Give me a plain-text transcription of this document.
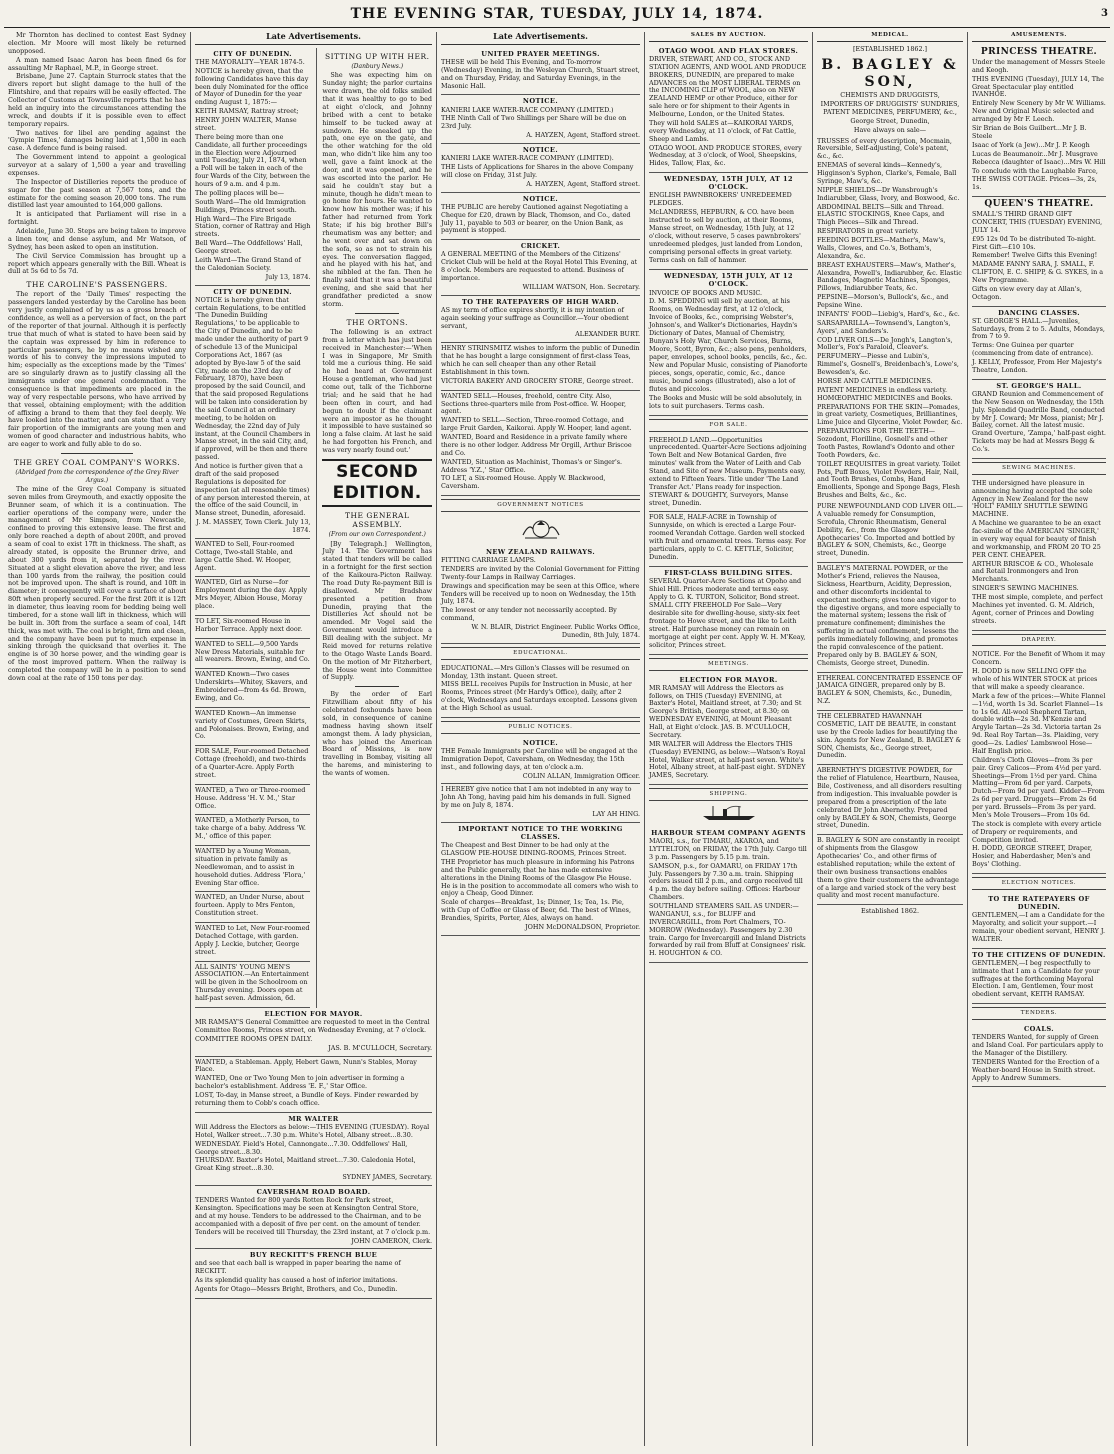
THE EVENING STAR, TUESDAY, JULY 14, 1874.	3

Mr Thornton has declined to contest East Sydney election. Mr Moore will most likely be returned unopposed.

A man named Isaac Aaron has been fined 6s for assaulting Mr Raphael, M.P., in George street.

Brisbane, June 27. Captain Sturrock states that the divers report but slight damage to the hull of the Flintshire, and that repairs will be easily effected. The Collector of Customs at Townsville reports that he has held an inquiry into the circumstances attending the wreck, and doubts if it is possible even to effect temporary repairs.

Two natives for libel are pending against the 'Gympie Times,' damages being laid at 1,500 in each case. A defence fund is being raised.

The Government intend to appoint a geological surveyor at a salary of 1,500 a year and travelling expenses.

The Inspector of Distilleries reports the produce of sugar for the past season at 7,567 tons, and the estimate for the coming season 20,000 tons. The rum distilled last year amounted to 164,000 gallons.

It is anticipated that Parliament will rise in a fortnight.

Adelaide, June 30. Steps are being taken to improve a linen tow, and dense asylum, and Mr Watson, of Sydney, has been asked to open an institution.

The Civil Service Commission has brought up a report which appears generally with the Bill. Wheat is dull at 5s 6d to 5s 7d.

THE CAROLINE'S PASSENGERS.

The report of the 'Daily Times' respecting the passengers landed yesterday by the Caroline has been very justly complained of by us as a gross breach of confidence, as well as a perversion of fact, on the part of the reporter of that journal. Although it is perfectly true that much of what is stated to have been said by the captain was expressed by him in reference to particular passengers, he by no means wished any words of his to convey the impressions imputed to him; especially as the exceptions made by the 'Times' are so singularly drawn as to justify classing all the immigrants under one general condemnation. The consequence is that impediments are placed in the way of very respectable persons, who have arrived by that vessel, obtaining employment; with the addition of affixing a brand to them that they feel deeply. We have looked into the matter, and can state that a very fair proportion of the immigrants are young men and women of good character and industrious habits, who are eager to work and fully able to do so.

THE GREY COAL COMPANY'S WORKS.
(Abridged from the correspondence of the Grey River Argus.)

The mine of the Grey Coal Company is situated seven miles from Greymouth, and exactly opposite the Brunner seam, of which it is a continuation. The earlier operations of the company were, under the management of Mr Simpson, from Newcastle, confined to proving this extensive lease. The first and only bore reached a depth of about 200ft, and proved a seam of coal to exist 17ft in thickness. The shaft, as already stated, is opposite the Brunner drive, and about 300 yards from it, separated by the river. Situated at a slight elevation above the river, and less than 100 yards from the railway, the position could not be improved upon. The shaft is round, and 10ft in diameter; it consequently will cover a surface of about 80ft when properly secured. For the first 20ft it is 12ft in diameter, thus leaving room for bedding being well timbered, for a stone wall lift in thickness, which will be built in. 30ft from the surface a seam of coal, 14ft thick, was met with. The coal is bright, firm and clean, and the company have been put to much expense in sinking through the quicksand that overlies it. The engine is of 30 horse power, and the winding gear is of the most improved pattern. When the railway is completed the company will be in a position to send down coal at the rate of 150 tons per day.

Late Advertisements.
CITY OF DUNEDIN.
THE MAYORALTY—YEAR 1874-5.
NOTICE is hereby given, that the following Candidates have this day been duly Nominated for the office of Mayor of Dunedin for the year ending August 1, 1875:—
KEITH RAMSAY, Rattray street;
HENRY JOHN WALTER, Manse street.
There being more than one Candidate, all further proceedings in the Election were Adjourned until Tuesday, July 21, 1874, when a Poll will be taken in each of the four Wards of the City, between the hours of 9 a.m. and 4 p.m.
The polling places will be—
South Ward—The old Immigration Buildings, Princes street south.
High Ward—The Fire Brigade Station, corner of Rattray and High streets.
Bell Ward—The Oddfellows' Hall, George street.
Leith Ward—The Grand Stand of the Caledonian Society.
July 13, 1874.
CITY OF DUNEDIN.
NOTICE is hereby given that certain Regulations, to be entitled 'The Dunedin Building Regulations,' to be applicable to the City of Dunedin, and to be made under the authority of part 9 of schedule 13 of the Municipal Corporations Act, 1867 (as adopted by Bye-law 5 of the said City, made on the 23rd day of February, 1870), have been proposed by the said Council, and that the said proposed Regulations will be taken into consideration by the said Council at an ordinary meeting, to be holden on Wednesday, the 22nd day of July instant, at the Council Chambers in Manse street, in the said City, and, if approved, will be then and there passed.
And notice is further given that a draft of the said proposed Regulations is deposited for inspection (at all reasonable times) of any person interested therein, at the office of the said Council, in Manse street, Dunedin, aforesaid.
J. M. MASSEY, Town Clerk. July 13, 1874.
WANTED to Sell, Four-roomed Cottage, Two-stall Stable, and large Cattle Shed. W. Hooper, Agent.
WANTED, Girl as Nurse—for Employment during the day. Apply Mrs Meyer, Albion House, Moray place.
TO LET, Six-roomed House in Harbor Terrace. Apply next door.
WANTED to SELL—9,500 Yards New Dress Materials, suitable for all wearers. Brown, Ewing, and Co.
WANTED Known—Two cases Underskirts—Whitey, Skavers, and Embroidered—from 4s 6d. Brown, Ewing, and Co.
WANTED Known—An immense variety of Costumes, Green Skirts, and Polonaises. Brown, Ewing, and Co.
FOR SALE, Four-roomed Detached Cottage (freehold), and two-thirds of a Quarter-Acre. Apply Forth street.
WANTED, a Two or Three-roomed House. Address 'H. V. M.,' Star Office.
WANTED, a Motherly Person, to take charge of a baby. Address 'W. M.,' office of this paper.
WANTED by a Young Woman, situation in private family as Needlewoman, and to assist in household duties. Address 'Flora,' Evening Star office.
WANTED, an Under Nurse, about fourteen. Apply to Mrs Fenton, Constitution street.
WANTED to Let, New Four-roomed Detached Cottage, with garden. Apply J. Leckie, butcher, George street.
ALL SAINTS' YOUNG MEN'S ASSOCIATION.—An Entertainment will be given in the Schoolroom on Thursday evening. Doors open at half-past seven. Admission, 6d.
SITTING UP WITH HER.
(Danbury News.)

She was expecting him on Sunday night; the parlor curtains were drawn, the old folks smiled that it was healthy to go to bed at eight o'clock, and Johnny bribed with a cent to betake himself to be tucked away at sundown. He sneaked up the path, one eye on the gate, and the other watching for the old man, who didn't like him any too well, gave a faint knock at the door, and it was opened, and he was escorted into the parlor. He said he couldn't stay but a minute, though he didn't mean to go home for hours. He wanted to know how his mother was; if his father had returned from York State; if his big brother Bill's rheumatism was any better; and he went over and sat down on the sofa, so as not to strain his eyes. The conversation flagged, and he played with his hat, and she nibbled at the fan. Then he finally said that it was a beautiful evening, and she said that her grandfather predicted a snow storm.

THE ORTONS.

The following is an extract from a letter which has just been received in Manchester:—'When I was in Singapore, Mr Smith told me a curious thing. He said he had heard at Government House a gentleman, who had just come out, talk of the Tichborne trial; and he said that he had been often in court, and had begun to doubt if the claimant were an impostor as he thought it impossible to have sustained so long a false claim. At last he said he had forgotten his French, and was very nearly found out.'

SECOND EDITION.
THE GENERAL ASSEMBLY.
(From our own Correspondent.)

[By Telegraph.] Wellington, July 14. The Government has stated that tenders will be called in a fortnight for the first section of the Kaikoura-Picton Railway. The road Duty Re-payment Bill is disallowed. Mr Bradshaw presented a petition from Dunedin, praying that the Distilleries Act should not be amended. Mr Vogel said the Government would introduce a Bill dealing with the subject. Mr Reid moved for returns relative to the Otago Waste Lands Board. On the motion of Mr Fitzherbert, the House went into Committee of Supply.

By the order of Earl Fitzwilliam about fifty of his celebrated foxhounds have been sold, in consequence of canine madness having shown itself amongst them. A lady physician, who has joined the American Board of Missions, is now travelling in Bombay, visiting all the harems, and ministering to the wants of women.

ELECTION FOR MAYOR.
MR RAMSAY'S General Committee are requested to meet in the Central Committee Rooms, Princes street, on Wednesday Evening, at 7 o'clock.
COMMITTEE ROOMS OPEN DAILY.
JAS. B. M'CULLOCH, Secretary.
WANTED, a Stableman. Apply, Hebert Gawn, Nunn's Stables, Moray Place.
WANTED, One or Two Young Men to join advertiser in forming a bachelor's establishment. Address 'E. F.,' Star Office.
LOST, To-day, in Manse street, a Bundle of Keys. Finder rewarded by returning them to Cobb's coach office.
MR WALTER
Will Address the Electors as below:—THIS EVENING (TUESDAY). Royal Hotel, Walker street...7.30 p.m. White's Hotel, Albany street...8.30.
WEDNESDAY. Field's Hotel, Cannongate...7.30. Oddfellows' Hall, George street...8.30.
THURSDAY. Baxter's Hotel, Maitland street...7.30. Caledonia Hotel, Great King street...8.30.
SYDNEY JAMES, Secretary.
CAVERSHAM ROAD BOARD.
TENDERS Wanted for 800 yards Rotten Rock for Park street, Kensington. Specifications may be seen at Kensington Central Store, and at my house. Tenders to be addressed to the Chairman, and to be accompanied with a deposit of five per cent. on the amount of tender. Tenders will be received till Thursday, the 23rd instant, at 7 o'clock p.m.
JOHN CAMERON, Clerk.
BUY RECKITT'S FRENCH BLUE
and see that each ball is wrapped in paper bearing the name of RECKITT.
As its splendid quality has caused a host of inferior imitations.
Agents for Otago—Messrs Bright, Brothers, and Co., Dunedin.
Late Advertisements.
UNITED PRAYER MEETINGS.
THESE will be held This Evening, and To-morrow (Wednesday) Evening, in the Wesleyan Church, Stuart street, and on Thursday, Friday, and Saturday Evenings, in the Masonic Hall.
NOTICE.
KANIERI LAKE WATER-RACE COMPANY (LIMITED.)
THE Ninth Call of Two Shillings per Share will be due on 23rd July.
A. HAYZEN, Agent, Stafford street.
NOTICE.
KANIERI LAKE WATER-RACE COMPANY (LIMITED).
THE Lists of Applications for Shares in the above Company will close on Friday, 31st July.
A. HAYZEN, Agent, Stafford street.
NOTICE.
THE PUBLIC are hereby Cautioned against Negotiating a Cheque for £20, drawn by Black, Thomson, and Co., dated July 11, payable to 503 or bearer, on the Union Bank, as payment is stopped.
CRICKET.
A GENERAL MEETING of the Members of the Citizens' Cricket Club will be held at the Royal Hotel This Evening, at 8 o'clock. Members are requested to attend. Business of importance.
WILLIAM WATSON, Hon. Secretary.
TO THE RATEPAYERS OF HIGH WARD.
AS my term of office expires shortly, it is my intention of again seeking your suffrage as Councillor.—Your obedient servant,
ALEXANDER BURT.
HENRY STRINSMITZ wishes to inform the public of Dunedin that he has bought a large consignment of first-class Teas, which he can sell cheaper than any other Retail Establishment in this town.
VICTORIA BAKERY AND GROCERY STORE, George street.
WANTED SELL—Houses, freehold, centre City. Also, Sections three-quarters mile from Post-office. W. Hooper, agent.
WANTED to SELL—Section, Three-roomed Cottage, and large Fruit Garden, Kaikorai. Apply W. Hooper, land agent.
WANTED, Board and Residence in a private family where there is no other lodger. Address Mr Orgill, Arthur Briscoe and Co.
WANTED, Situation as Machinist, Thomas's or Singer's. Address 'Y.Z.,' Star Office.
TO LET, a Six-roomed House. Apply W. Blackwood, Caversham.
GOVERNMENT NOTICES
NEW ZEALAND RAILWAYS.
FITTING CARRIAGE LAMPS.
TENDERS are invited by the Colonial Government for Fitting Twenty-four Lamps in Railway Carriages.
Drawings and specification may be seen at this Office, where Tenders will be received up to noon on Wednesday, the 15th July, 1874.
The lowest or any tender not necessarily accepted. By command,
W. N. BLAIR, District Engineer. Public Works Office, Dunedin, 8th July, 1874.
EDUCATIONAL.
EDUCATIONAL.—Mrs Gillon's Classes will be resumed on Monday, 13th instant. Queen street.
MISS BELL receives Pupils for Instruction in Music, at her Rooms, Princes street (Mr Hardy's Office), daily, after 2 o'clock, Wednesdays and Saturdays excepted. Lessons given at the High School as usual.
PUBLIC NOTICES.
NOTICE.
THE Female Immigrants per Caroline will be engaged at the Immigration Depot, Caversham, on Wednesday, the 15th inst., and following days, at ten o'clock a.m.
COLIN ALLAN, Immigration Officer.
I HEREBY give notice that I am not indebted in any way to John Ah Tong, having paid him his demands in full. Signed by me on July 8, 1874.
LAY AH HING.
IMPORTANT NOTICE TO THE WORKING CLASSES.
The Cheapest and Best Dinner to be had only at the GLASGOW PIE-HOUSE DINING-ROOMS, Princes Street.
THE Proprietor has much pleasure in informing his Patrons and the Public generally, that he has made extensive alterations in the Dining Rooms of the Glasgow Pie House. He is in the position to accommodate all comers who wish to enjoy a Cheap, Good Dinner.
Scale of charges—Breakfast, 1s; Dinner, 1s; Tea, 1s. Pie, with Cup of Coffee or Glass of Beer, 6d. The best of Wines, Brandies, Spirits, Porter, Ales, always on hand.
JOHN McDONALDSON, Proprietor.
SALES BY AUCTION.
OTAGO WOOL AND FLAX STORES.
DRIVER, STEWART, AND CO., STOCK AND STATION AGENTS, AND WOOL AND PRODUCE BROKERS, DUNEDIN, are prepared to make ADVANCES on the MOST LIBERAL TERMS on the INCOMING CLIP of WOOL, also on NEW ZEALAND HEMP or other Produce, either for sale here or for shipment to their Agents in Melbourne, London, or the United States.
They will hold SALES at—KAIKORAI YARDS, every Wednesday, at 11 o'clock, of Fat Cattle, Sheep and Lambs.
OTAGO WOOL AND PRODUCE STORES, every Wednesday, at 3 o'clock, of Wool, Sheepskins, Hides, Tallow, Flax, &c.
WEDNESDAY, 15TH JULY, AT 12 O'CLOCK.
ENGLISH PAWNBROKERS' UNREDEEMED PLEDGES.
McLANDRESS, HEPBURN, & CO. have been instructed to sell by auction, at their Rooms, Manse street, on Wednesday, 15th July, at 12 o'clock, without reserve, 5 cases pawnbrokers' unredeemed pledges, just landed from London, comprising personal effects in great variety.
Terms cash on fall of hammer.
WEDNESDAY, 15TH JULY, AT 12 O'CLOCK.
INVOICE OF BOOKS AND MUSIC.
D. M. SPEDDING will sell by auction, at his Rooms, on Wednesday first, at 12 o'clock, Invoice of Books, &c., comprising Webster's, Johnson's, and Walker's Dictionaries, Haydn's Dictionary of Dates, Manual of Chemistry, Bunyan's Holy War, Church Services, Burns, Moore, Scott, Byron, &c.; also pens, penholders, paper, envelopes, school books, pencils, &c., &c.
New and Popular Music, consisting of Pianoforte pieces, songs, operatic, comic, &c., dance music, bound songs (illustrated), also a lot of flutes and piccolos.
The Books and Music will be sold absolutely, in lots to suit purchasers. Terms cash.
FOR SALE.
FREEHOLD LAND.—Opportunities unprecedented. Quarter-Acre Sections adjoining Town Belt and New Botanical Garden, five minutes' walk from the Water of Leith and Cab Stand, and Site of new Museum. Payments easy, extend to Fifteen Years. Title under 'The Land Transfer Act.' Plans ready for inspection. STEWART & DOUGHTY, Surveyors, Manse street, Dunedin.
FOR SALE, HALF-ACRE in Township of Sunnyside, on which is erected a Large Four-roomed Verandah Cottage. Garden well stocked with fruit and ornamental trees. Terms easy. For particulars, apply to C. C. KETTLE, Solicitor, Dunedin.
FIRST-CLASS BUILDING SITES.
SEVERAL Quarter-Acre Sections at Opoho and Shiel Hill. Prices moderate and terms easy. Apply to G. K. TURTON, Solicitor, Bond street.
SMALL CITY FREEHOLD For Sale—Very desirable site for dwelling-house, sixty-six feet frontage to Howe street, and the like to Leith street. Half purchase money can remain on mortgage at eight per cent. Apply W. H. M'Keay, solicitor, Princes street.
MEETINGS.
ELECTION FOR MAYOR.
MR RAMSAY will Address the Electors as follows, on THIS (Tuesday) EVENING, at Baxter's Hotel, Maitland street, at 7.30; and St George's British, George street, at 8.30; on WEDNESDAY EVENING, at Mount Pleasant Hall, at Eight o'clock. JAS. B. M'CULLOCH, Secretary.
MR WALTER will Address the Electors THIS (Tuesday) EVENING, as below:—Watson's Royal Hotel, Walker street, at half-past seven. White's Hotel, Albany street, at half-past eight. SYDNEY JAMES, Secretary.
SHIPPING.
HARBOUR STEAM COMPANY AGENTS
MAORI, s.s., for TIMARU, AKAROA, and LYTTELTON, on FRIDAY, the 17th July. Cargo till 3 p.m. Passengers by 5.15 p.m. train.
SAMSON, p.s., for OAMARU, on FRIDAY 17th July. Passengers by 7.30 a.m. train. Shipping orders issued till 2 p.m., and cargo received till 4 p.m. the day before sailing. Offices: Harbour Chambers.
SOUTHLAND STEAMERS SAIL AS UNDER:—WANGANUI, s.s., for BLUFF and INVERCARGILL, from Port Chalmers, TO-MORROW (Wednesday). Passengers by 2.30 train. Cargo for Invercargill and Inland Districts forwarded by rail from Bluff at Consignees' risk. H. HOUGHTON & CO.
MEDICAL.
[ESTABLISHED 1862.]
B. BAGLEY & SON,
CHEMISTS AND DRUGGISTS,
IMPORTERS OF DRUGGISTS' SUNDRIES, PATENT MEDICINES, PERFUMERY, &c.,
George Street, Dunedin,
Have always on sale—
TRUSSES of every description, Mocmain, Reversible, Self-adjusting, Cole's patent, &c., &c.
ENEMAS of several kinds—Kennedy's, Higginson's Syphon, Clarke's, Female, Ball Syringe, Maw's, &c.
NIPPLE SHIELDS—Dr Wansbrough's Indiarubber, Glass, Ivory, and Boxwood, &c.
ABDOMINAL BELTS—Silk and Thread. ELASTIC STOCKINGS, Knee Caps, and Thigh Pieces—Silk and Thread.
RESPIRATORS in great variety.
FEEDING BOTTLES—Mather's, Maw's, Walls, Clowes, and Co.'s, Botham's, Alexandra, &c.
BREAST EXHAUSTERS—Maw's, Mather's, Alexandra, Powell's, Indiarubber, &c. Elastic Bandages, Magnetic Machines, Sponges, Pillows, Indiarubber Teats, &c.
PEPSINE—Morson's, Bullock's, &c., and Pepsine Wine.
INFANTS' FOOD—Liebig's, Hard's, &c., &c.
SARSAPARILLA—Townsend's, Langton's, Ayers', and Sanders's.
COD LIVER OILS—De Jongh's, Langton's, Moller's, Fox's Paraloid, Cleaver's.
PERFUMERY—Piesse and Lubin's, Rimmel's, Gosnell's, Breidenbach's, Lowe's, Bewesden's, &c.
HORSE AND CATTLE MEDICINES.
PATENT MEDICINES in endless variety. HOMŒOPATHIC MEDICINES and Books.
PREPARATIONS FOR THE SKIN—Pomades, in great variety, Cosmetiques, Brilliantines, Lime Juice and Glycerine, Violet Powder, &c.
PREPARATIONS FOR THE TEETH—Sozodont, Florilline, Gosnell's and other Tooth Pastes, Rowland's Odonto and other Tooth Powders, &c.
TOILET REQUISITES in great variety. Toilet Pots, Puff Boxes, Violet Powders, Hair, Nail, and Tooth Brushes, Combs, Hand Emollients, Sponge and Sponge Bags, Flesh Brushes and Belts, &c., &c.
PURE NEWFOUNDLAND COD LIVER OIL.—A valuable remedy for Consumption, Scrofula, Chronic Rheumatism, General Debility, &c., from the Glasgow Apothecaries' Co. Imported and bottled by BAGLEY & SON, Chemists, &c., George street, Dunedin.
BAGLEY'S MATERNAL POWDER, or the Mother's Friend, relieves the Nausea, Sickness, Heartburn, Acidity, Depression, and other discomforts incidental to expectant mothers; gives tone and vigor to the digestive organs, and more especially to the maternal system; lessens the risk of premature confinement; diminishes the suffering in actual confinement; lessens the perils immediately following, and promotes the rapid convalescence of the patient. Prepared only by B. BAGLEY & SON, Chemists, George street, Dunedin.
ETHEREAL CONCENTRATED ESSENCE OF JAMAICA GINGER, prepared only by B. BAGLEY & SON, Chemists, &c., Dunedin, N.Z.
THE CELEBRATED HAVANNAH COSMETIC, LAIT DE BEAUTE, in constant use by the Creole ladies for beautifying the skin. Agents for New Zealand, B. BAGLEY & SON, Chemists, &c., George street, Dunedin.
ABERNETHY'S DIGESTIVE POWDER, for the relief of Flatulence, Heartburn, Nausea, Bile, Costiveness, and all disorders resulting from indigestion. This invaluable powder is prepared from a prescription of the late celebrated Dr John Abernethy. Prepared only by BAGLEY & SON, Chemists, George street, Dunedin.
B. BAGLEY & SON are constantly in receipt of shipments from the Glasgow Apothecaries' Co., and other firms of established reputation; while the extent of their own business transactions enables them to give their customers the advantage of a large and varied stock of the very best quality and most recent manufacture.
Established 1862.
AMUSEMENTS.
PRINCESS THEATRE.
Under the management of Messrs Steele and Keogh.
THIS EVENING (Tuesday), JULY 14, The Great Spectacular play entitled IVANHOE.
Entirely New Scenery by Mr W. Williams. New and Original Music selected and arranged by Mr F. Leech.
Sir Brian de Bois Guilbert...Mr J. B. Steele
Isaac of York (a Jew)...Mr J. P. Keogh
Lucas de Beaumanoir...Mr J. Musgrave
Rebecca (daughter of Isaac)...Mrs W. Hill
To conclude with the Laughable Farce, THE SWISS COTTAGE. Prices—3s, 2s, 1s.
QUEEN'S THEATRE.
SMALL'S THIRD GRAND GIFT CONCERT, THIS (TUESDAY) EVENING, JULY 14.
£95 12s 0d To be distributed To-night. First Gift—£10 10s.
Remember! Twelve Gifts this Evening!
MADAME FANNY SARA, J. SMALL, F. CLIFTON, E. C. SHIPP, & G. SYKES, in a New Programme.
Gifts on view every day at Allan's, Octagon.
DANCING CLASSES.
ST. GEORGE'S HALL.—Juveniles, Saturdays, from 2 to 5. Adults, Mondays, from 7 to 9.
Terms: One Guinea per quarter (commencing from date of entrance).
J. KELLY, Professor, From Her Majesty's Theatre, London.
ST. GEORGE'S HALL.
GRAND Reunion and Commencement of the New Season on Wednesday, the 15th July. Splendid Quadrille Band, conducted by Mr J. Coward; Mr Moss, pianist; Mr J. Bailey, cornet. All the latest music. Grand Overture, 'Zampa,' half-past eight. Tickets may be had at Messrs Begg & Co.'s.
SEWING MACHINES.
THE undersigned have pleasure in announcing having accepted the sole Agency in New Zealand for the new 'HOLT' FAMILY SHUTTLE SEWING MACHINE.
A Machine we guarantee to be an exact fac-simile of the AMERICAN 'SINGER,' in every way equal for beauty of finish and workmanship, and FROM 20 TO 25 PER CENT. CHEAPER.
ARTHUR BRISCOE & CO., Wholesale and Retail Ironmongers and Iron Merchants.
SINGER'S SEWING MACHINES.
THE most simple, complete, and perfect Machines yet invented. G. M. Aldrich, Agent, corner of Princes and Dowling streets.
DRAPERY.
NOTICE. For the Benefit of Whom it may Concern.
H. DODD is now SELLING OFF the whole of his WINTER STOCK at prices that will make a speedy clearance.
Mark a few of the prices:—White Flannel—1½d, worth 1s 3d. Scarlet Flannel—1s to 1s 6d. All-wool Shepherd Tartan, double width—2s 3d. M'Kenzie and Argyle Tartan—2s 3d. Victoria tartan 2s 9d. Real Roy Tartan—3s. Plaiding, very good—2s. Ladies' Lambswool Hose—Half English price.
Children's Cloth Gloves—from 3s per pair. Grey Calicos—From 4½d per yard. Sheetings—From 1½d per yard. China Matting—From 6d per yard. Carpets, Dutch—From 9d per yard. Kidder—From 2s 6d per yard. Druggets—From 2s 6d per yard. Brussels—From 3s per yard. Men's Mole Trousers—From 10s 6d.
The stock is complete with every article of Drapery or requirements, and Competition invited.
H. DODD, GEORGE STREET, Draper, Hosier, and Haberdasher, Men's and Boys' Clothing.
ELECTION NOTICES.
TO THE RATEPAYERS OF DUNEDIN.
GENTLEMEN,—I am a Candidate for the Mayoralty, and solicit your support.—I remain, your obedient servant, HENRY J. WALTER.
TO THE CITIZENS OF DUNEDIN.
GENTLEMEN,—I beg respectfully to intimate that I am a Candidate for your suffrages at the forthcoming Mayoral Election. I am, Gentlemen, Your most obedient servant, KEITH RAMSAY.
TENDERS.
COALS.
TENDERS Wanted, for supply of Green and Island Coal. For particulars apply to the Manager of the Distillery.
TENDERS Wanted for the Erection of a Weather-board House in Smith street. Apply to Andrew Summers.
